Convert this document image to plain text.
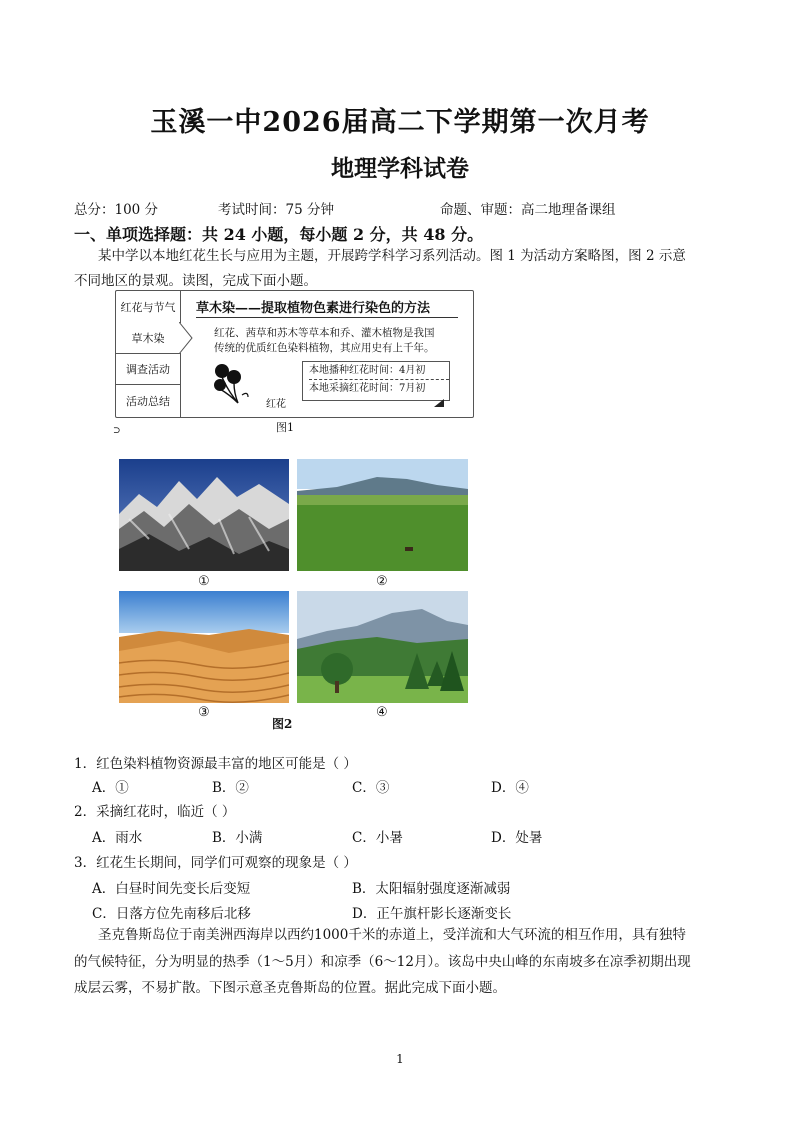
玉溪一中2026届高二下学期第一次月考
地理学科试卷
总分：100 分	考试时间：75 分钟	命题、审题：高二地理备课组
一、单项选择题：共 24 小题，每小题 2 分，共 48 分。
某中学以本地红花生长与应用为主题，开展跨学科学习系列活动。图 1 为活动方案略图，图 2 示意
不同地区的景观。读图，完成下面小题。
红花与节气
草木染
调查活动
活动总结
草木染——提取植物色素进行染色的方法
红花、茜草和苏木等草本和乔、灌木植物是我国
传统的优质红色染料植物，其应用史有上千年。
红花
本地播种红花时间：4月初
本地采摘红花时间：7月初
图1
⊃
①	②
③	④
图2
1．红色染料植物资源最丰富的地区可能是（ ）
A．①	B．②	C．③	D．④
2．采摘红花时，临近（ ）
A．雨水	B．小满	C．小暑	D．处暑
3．红花生长期间，同学们可观察的现象是（ ）
A．白昼时间先变长后变短	B．太阳辐射强度逐渐减弱
C．日落方位先南移后北移	D．正午旗杆影长逐渐变长
圣克鲁斯岛位于南美洲西海岸以西约1000千米的赤道上，受洋流和大气环流的相互作用，具有独特
的气候特征，分为明显的热季（1～5月）和凉季（6～12月）。该岛中央山峰的东南坡多在凉季初期出现
成层云雾，不易扩散。下图示意圣克鲁斯岛的位置。据此完成下面小题。
1
